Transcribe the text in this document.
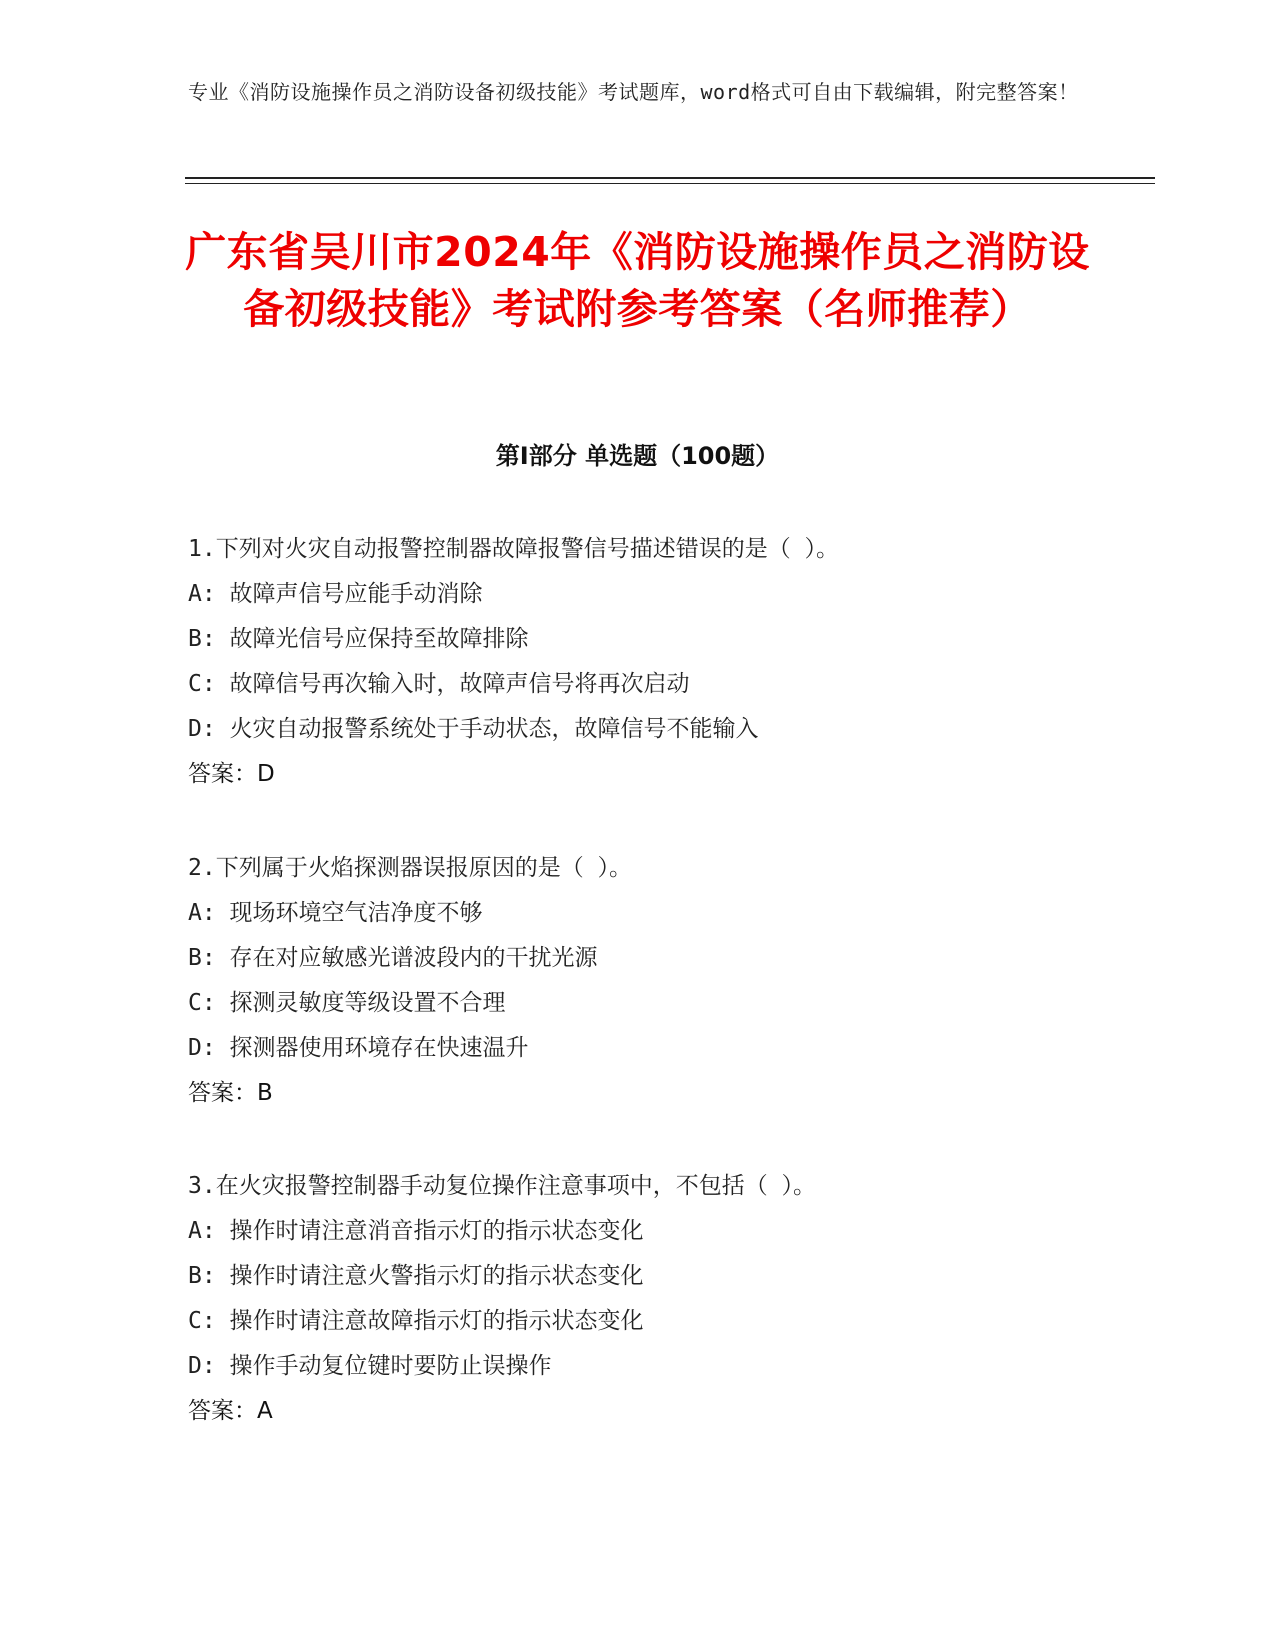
专业《消防设施操作员之消防设备初级技能》考试题库，word格式可自由下载编辑，附完整答案！
广东省吴川市2024年《消防设施操作员之消防设备初级技能》考试附参考答案（名师推荐）
第I部分 单选题（100题）
1.下列对火灾自动报警控制器故障报警信号描述错误的是（ ）。
A: 故障声信号应能手动消除
B: 故障光信号应保持至故障排除
C: 故障信号再次输入时，故障声信号将再次启动
D: 火灾自动报警系统处于手动状态，故障信号不能输入
答案：D
2.下列属于火焰探测器误报原因的是（ ）。
A: 现场环境空气洁净度不够
B: 存在对应敏感光谱波段内的干扰光源
C: 探测灵敏度等级设置不合理
D: 探测器使用环境存在快速温升
答案：B
3.在火灾报警控制器手动复位操作注意事项中，不包括（ ）。
A: 操作时请注意消音指示灯的指示状态变化
B: 操作时请注意火警指示灯的指示状态变化
C: 操作时请注意故障指示灯的指示状态变化
D: 操作手动复位键时要防止误操作
答案：A
